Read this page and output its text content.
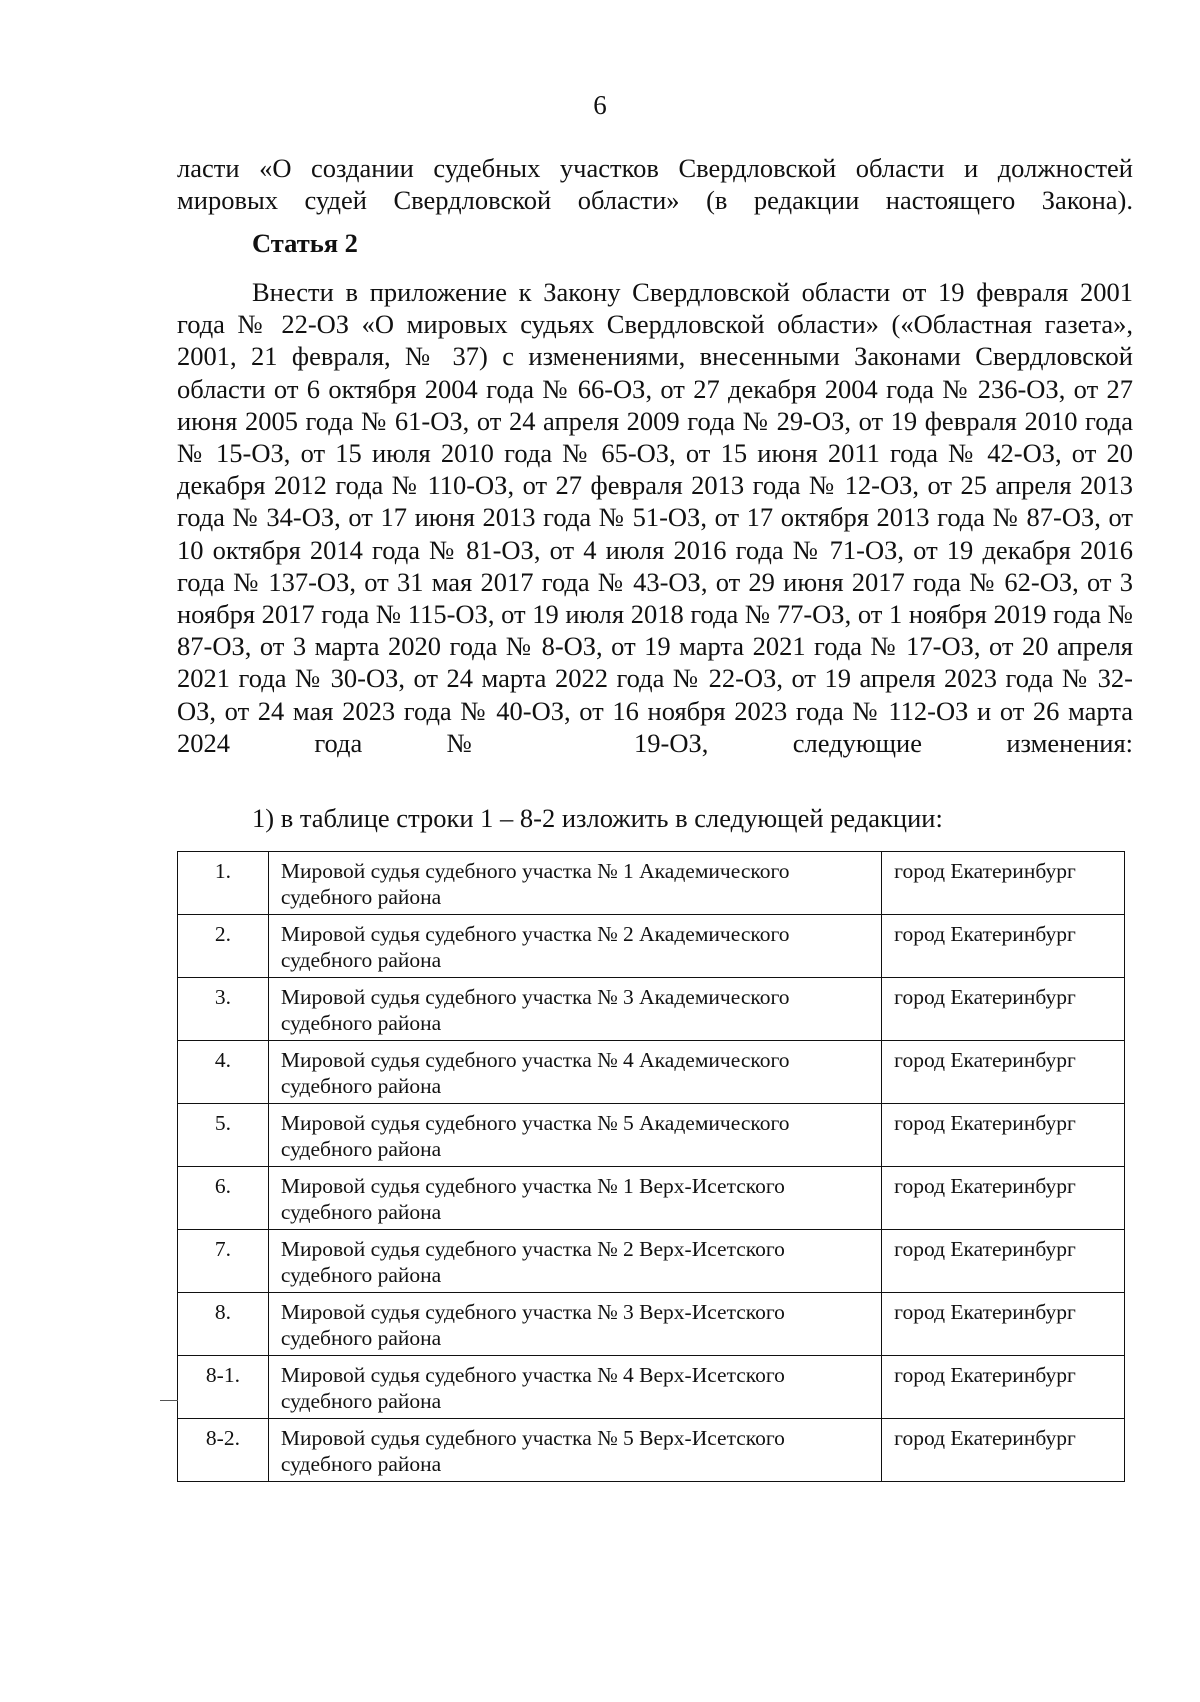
6

ласти «О создании судебных участков Свердловской области и должностей мировых судей Свердловской области» (в редакции настоящего Закона).

Статья 2

Внести в приложение к Закону Свердловской области от 19 февраля 2001 года № 22-ОЗ «О мировых судьях Свердловской области» («Областная газета», 2001, 21 февраля, № 37) с изменениями, внесенными Законами Свердловской области от 6 октября 2004 года № 66-ОЗ, от 27 декабря 2004 года № 236-ОЗ, от 27 июня 2005 года № 61-ОЗ, от 24 апреля 2009 года № 29-ОЗ, от 19 февраля 2010 года № 15-ОЗ, от 15 июля 2010 года № 65-ОЗ, от 15 июня 2011 года № 42-ОЗ, от 20 декабря 2012 года № 110-ОЗ, от 27 февраля 2013 года № 12-ОЗ, от 25 апреля 2013 года № 34-ОЗ, от 17 июня 2013 года № 51-ОЗ, от 17 октября 2013 года № 87-ОЗ, от 10 октября 2014 года № 81-ОЗ, от 4 июля 2016 года № 71-ОЗ, от 19 декабря 2016 года № 137-ОЗ, от 31 мая 2017 года № 43-ОЗ, от 29 июня 2017 года № 62-ОЗ, от 3 ноября 2017 года № 115-ОЗ, от 19 июля 2018 года № 77-ОЗ, от 1 ноября 2019 года № 87-ОЗ, от 3 марта 2020 года № 8-ОЗ, от 19 марта 2021 года № 17-ОЗ, от 20 апреля 2021 года № 30-ОЗ, от 24 марта 2022 года № 22-ОЗ, от 19 апреля 2023 года № 32-ОЗ, от 24 мая 2023 года № 40-ОЗ, от 16 ноября 2023 года № 112-ОЗ и от 26 марта 2024 года № 19-ОЗ, следующие изменения:

1) в таблице строки 1 – 8-2 изложить в следующей редакции:

1.	Мировой судья судебного участка № 1 Академического судебного района	город Екатеринбург
2.	Мировой судья судебного участка № 2 Академического судебного района	город Екатеринбург
3.	Мировой судья судебного участка № 3 Академического судебного района	город Екатеринбург
4.	Мировой судья судебного участка № 4 Академического судебного района	город Екатеринбург
5.	Мировой судья судебного участка № 5 Академического судебного района	город Екатеринбург
6.	Мировой судья судебного участка № 1 Верх-Исетского судебного района	город Екатеринбург
7.	Мировой судья судебного участка № 2 Верх-Исетского судебного района	город Екатеринбург
8.	Мировой судья судебного участка № 3 Верх-Исетского судебного района	город Екатеринбург
8-1.	Мировой судья судебного участка № 4 Верх-Исетского судебного района	город Екатеринбург
8-2.	Мировой судья судебного участка № 5 Верх-Исетского судебного района	город Екатеринбург
